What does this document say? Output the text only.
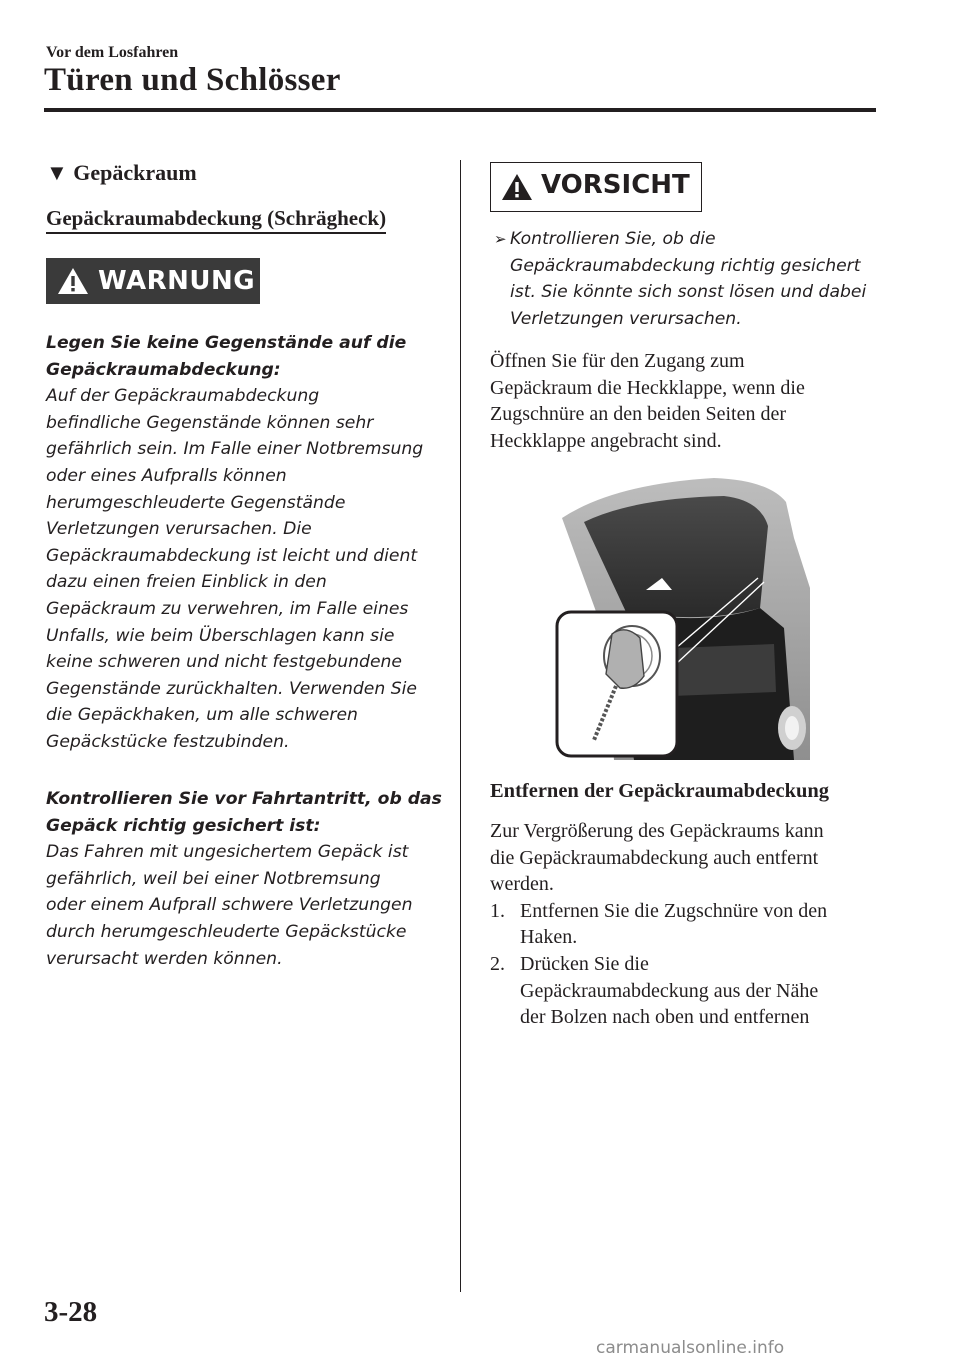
Vor dem Losfahren
Türen und Schlösser
▼ Gepäckraum
Gepäckraumabdeckung (Schrägheck)
WARNUNG
Legen Sie keine Gegenstände auf die
Gepäckraumabdeckung:
Auf der Gepäckraumabdeckung
befindliche Gegenstände können sehr
gefährlich sein. Im Falle einer Notbremsung
oder eines Aufpralls können
herumgeschleuderte Gegenstände
Verletzungen verursachen. Die
Gepäckraumabdeckung ist leicht und dient
dazu einen freien Einblick in den
Gepäckraum zu verwehren, im Falle eines
Unfalls, wie beim Überschlagen kann sie
keine schweren und nicht festgebundene
Gegenstände zurückhalten. Verwenden Sie
die Gepäckhaken, um alle schweren
Gepäckstücke festzubinden.
Kontrollieren Sie vor Fahrtantritt, ob das
Gepäck richtig gesichert ist:
Das Fahren mit ungesichertem Gepäck ist
gefährlich, weil bei einer Notbremsung
oder einem Aufprall schwere Verletzungen
durch herumgeschleuderte Gepäckstücke
verursacht werden können.
VORSICHT
➢ Kontrollieren Sie, ob die
Gepäckraumabdeckung richtig gesichert
ist. Sie könnte sich sonst lösen und dabei
Verletzungen verursachen.
Öffnen Sie für den Zugang zum
Gepäckraum die Heckklappe, wenn die
Zugschnüre an den beiden Seiten der
Heckklappe angebracht sind.
Entfernen der Gepäckraumabdeckung
Zur Vergrößerung des Gepäckraums kann
die Gepäckraumabdeckung auch entfernt
werden.
1. Entfernen Sie die Zugschnüre von den
Haken.
2. Drücken Sie die
Gepäckraumabdeckung aus der Nähe
der Bolzen nach oben und entfernen
3-28
carmanualsonline.info
